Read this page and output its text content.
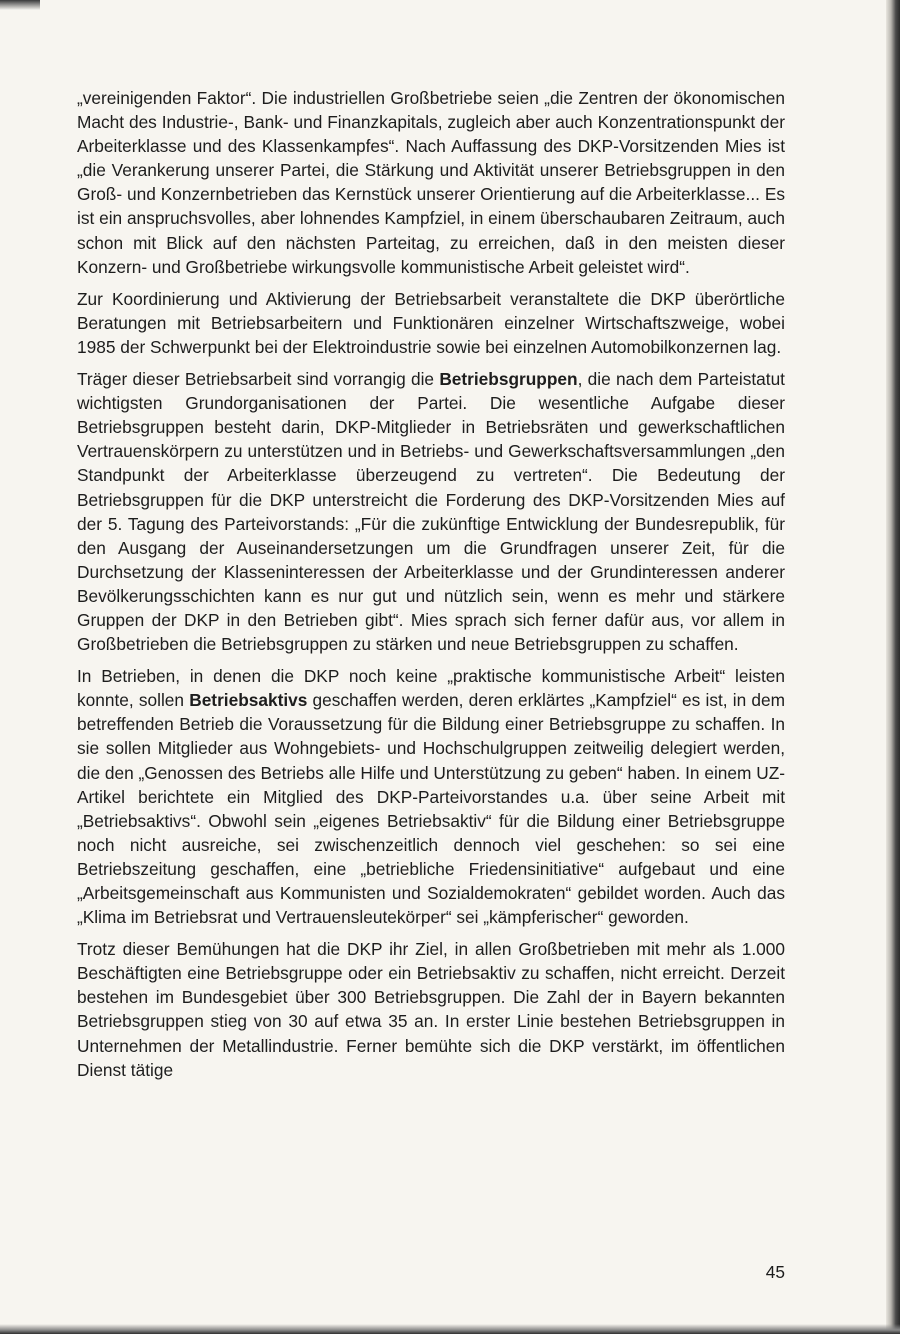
„vereinigenden Faktor“. Die industriellen Großbetriebe seien „die Zentren der ökonomischen Macht des Industrie-, Bank- und Finanzkapitals, zugleich aber auch Konzentrationspunkt der Arbeiterklasse und des Klassenkampfes“. Nach Auffassung des DKP-Vorsitzenden Mies ist „die Verankerung unserer Partei, die Stärkung und Aktivität unserer Betriebsgruppen in den Groß- und Konzernbetrieben das Kernstück unserer Orientierung auf die Arbeiterklasse... Es ist ein anspruchsvolles, aber lohnendes Kampfziel, in einem überschaubaren Zeitraum, auch schon mit Blick auf den nächsten Parteitag, zu erreichen, daß in den meisten dieser Konzern- und Großbetriebe wirkungsvolle kommunistische Arbeit geleistet wird“.

Zur Koordinierung und Aktivierung der Betriebsarbeit veranstaltete die DKP überörtliche Beratungen mit Betriebsarbeitern und Funktionären einzelner Wirtschaftszweige, wobei 1985 der Schwerpunkt bei der Elektroindustrie sowie bei einzelnen Automobilkonzernen lag.

Träger dieser Betriebsarbeit sind vorrangig die Betriebsgruppen, die nach dem Parteistatut wichtigsten Grundorganisationen der Partei. Die wesentliche Aufgabe dieser Betriebsgruppen besteht darin, DKP-Mitglieder in Betriebsräten und gewerkschaftlichen Vertrauenskörpern zu unterstützen und in Betriebs- und Gewerkschaftsversammlungen „den Standpunkt der Arbeiterklasse überzeugend zu vertreten“. Die Bedeutung der Betriebsgruppen für die DKP unterstreicht die Forderung des DKP-Vorsitzenden Mies auf der 5. Tagung des Parteivorstands: „Für die zukünftige Entwicklung der Bundesrepublik, für den Ausgang der Auseinandersetzungen um die Grundfragen unserer Zeit, für die Durchsetzung der Klasseninteressen der Arbeiterklasse und der Grundinteressen anderer Bevölkerungsschichten kann es nur gut und nützlich sein, wenn es mehr und stärkere Gruppen der DKP in den Betrieben gibt“. Mies sprach sich ferner dafür aus, vor allem in Großbetrieben die Betriebsgruppen zu stärken und neue Betriebsgruppen zu schaffen.

In Betrieben, in denen die DKP noch keine „praktische kommunistische Arbeit“ leisten konnte, sollen Betriebsaktivs geschaffen werden, deren erklärtes „Kampfziel“ es ist, in dem betreffenden Betrieb die Voraussetzung für die Bildung einer Betriebsgruppe zu schaffen. In sie sollen Mitglieder aus Wohngebiets- und Hochschulgruppen zeitweilig delegiert werden, die den „Genossen des Betriebs alle Hilfe und Unterstützung zu geben“ haben. In einem UZ-Artikel berichtete ein Mitglied des DKP-Parteivorstandes u.a. über seine Arbeit mit „Betriebsaktivs“. Obwohl sein „eigenes Betriebsaktiv“ für die Bildung einer Betriebsgruppe noch nicht ausreiche, sei zwischenzeitlich dennoch viel geschehen: so sei eine Betriebszeitung geschaffen, eine „betriebliche Friedensinitiative“ aufgebaut und eine „Arbeitsgemeinschaft aus Kommunisten und Sozialdemokraten“ gebildet worden. Auch das „Klima im Betriebsrat und Vertrauensleutekörper“ sei „kämpferischer“ geworden.

Trotz dieser Bemühungen hat die DKP ihr Ziel, in allen Großbetrieben mit mehr als 1.000 Beschäftigten eine Betriebsgruppe oder ein Betriebsaktiv zu schaffen, nicht erreicht. Derzeit bestehen im Bundesgebiet über 300 Betriebsgruppen. Die Zahl der in Bayern bekannten Betriebsgruppen stieg von 30 auf etwa 35 an. In erster Linie bestehen Betriebsgruppen in Unternehmen der Metallindustrie. Ferner bemühte sich die DKP verstärkt, im öffentlichen Dienst tätige

45
